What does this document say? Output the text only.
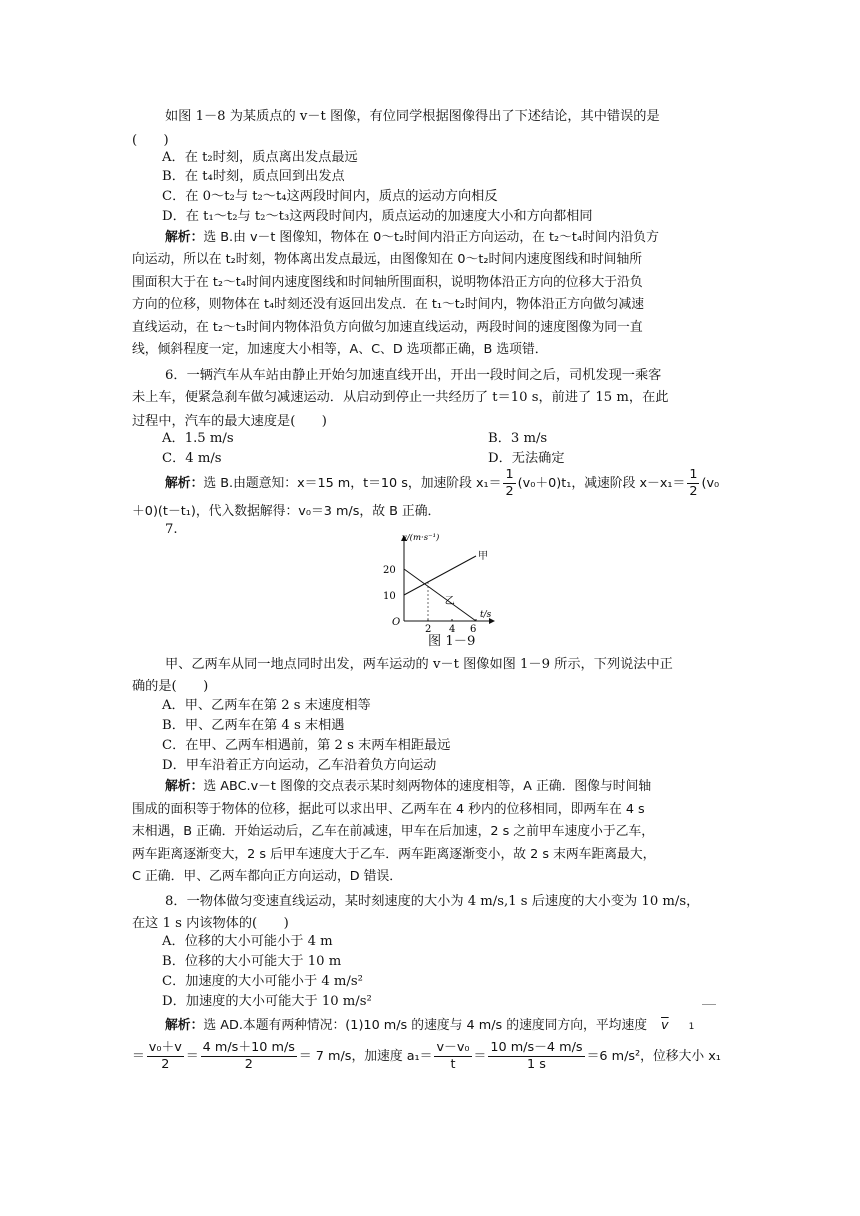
如图 1－8 为某质点的 v－t 图像，有位同学根据图像得出了下述结论，其中错误的是
(　　)
A．在 t₂时刻，质点离出发点最远
B．在 t₄时刻，质点回到出发点
C．在 0～t₂与 t₂～t₄这两段时间内，质点的运动方向相反
D．在 t₁～t₂与 t₂～t₃这两段时间内，质点运动的加速度大小和方向都相同
解析：选 B.由 v－t 图像知，物体在 0～t₂时间内沿正方向运动，在 t₂～t₄时间内沿负方
向运动，所以在 t₂时刻，物体离出发点最远，由图像知在 0～t₂时间内速度图线和时间轴所
围面积大于在 t₂～t₄时间内速度图线和时间轴所围面积，说明物体沿正方向的位移大于沿负
方向的位移，则物体在 t₄时刻还没有返回出发点．在 t₁～t₂时间内，物体沿正方向做匀减速
直线运动，在 t₂～t₃时间内物体沿负方向做匀加速直线运动，两段时间的速度图像为同一直
线，倾斜程度一定，加速度大小相等，A、C、D 选项都正确，B 选项错．
6．一辆汽车从车站由静止开始匀加速直线开出，开出一段时间之后，司机发现一乘客
未上车，便紧急刹车做匀减速运动．从启动到停止一共经历了 t＝10 s，前进了 15 m，在此
过程中，汽车的最大速度是(　　)
A．1.5 m/s	B．3 m/s
C．4 m/s	D．无法确定
解析：选 B.由题意知：x＝15 m，t＝10 s，加速阶段 $x_1= \frac{1}{2} (v_0+0)t_1$，减速阶段 $x-x_1= \frac{1}{2} (v_0$
＋0)(t－t₁)，代入数据解得：v₀＝3 m/s，故 B 正确．
7.
v/(m·s⁻¹)
t/s
O
20
10
2 4 6
甲
乙
图 1－9
甲、乙两车从同一地点同时出发，两车运动的 v－t 图像如图 1－9 所示，下列说法中正
确的是(　　)
A．甲、乙两车在第 2 s 末速度相等
B．甲、乙两车在第 4 s 末相遇
C．在甲、乙两车相遇前，第 2 s 末两车相距最远
D．甲车沿着正方向运动，乙车沿着负方向运动
解析：选 ABC.v－t 图像的交点表示某时刻两物体的速度相等，A 正确．图像与时间轴
围成的面积等于物体的位移，据此可以求出甲、乙两车在 4 秒内的位移相同，即两车在 4 s
末相遇，B 正确．开始运动后，乙车在前减速，甲车在后加速，2 s 之前甲车速度小于乙车，
两车距离逐渐变大，2 s 后甲车速度大于乙车．两车距离逐渐变小，故 2 s 末两车距离最大，
C 正确．甲、乙两车都向正方向运动，D 错误．
8．一物体做匀变速直线运动，某时刻速度的大小为 4 m/s,1 s 后速度的大小变为 10 m/s，
在这 1 s 内该物体的(　　)
A．位移的大小可能小于 4 m
B．位移的大小可能大于 10 m
C．加速度的大小可能小于 4 m/s²
D．加速度的大小可能大于 10 m/s²
解析：选 AD.本题有两种情况：(1)10 m/s 的速度与 4 m/s 的速度同方向，平均速度 $\overline{v}$ 1
＝ $\frac{\text{v₀＋v}}{2} = \frac{4 m/s+10 m/s}{2} = 7$ m/s，加速度 $a_1= \frac{\text{v－v₀}}{t} = \frac{10 m/s-4 m/s}{1 s} =6$ m/s²，位移大小 x₁
